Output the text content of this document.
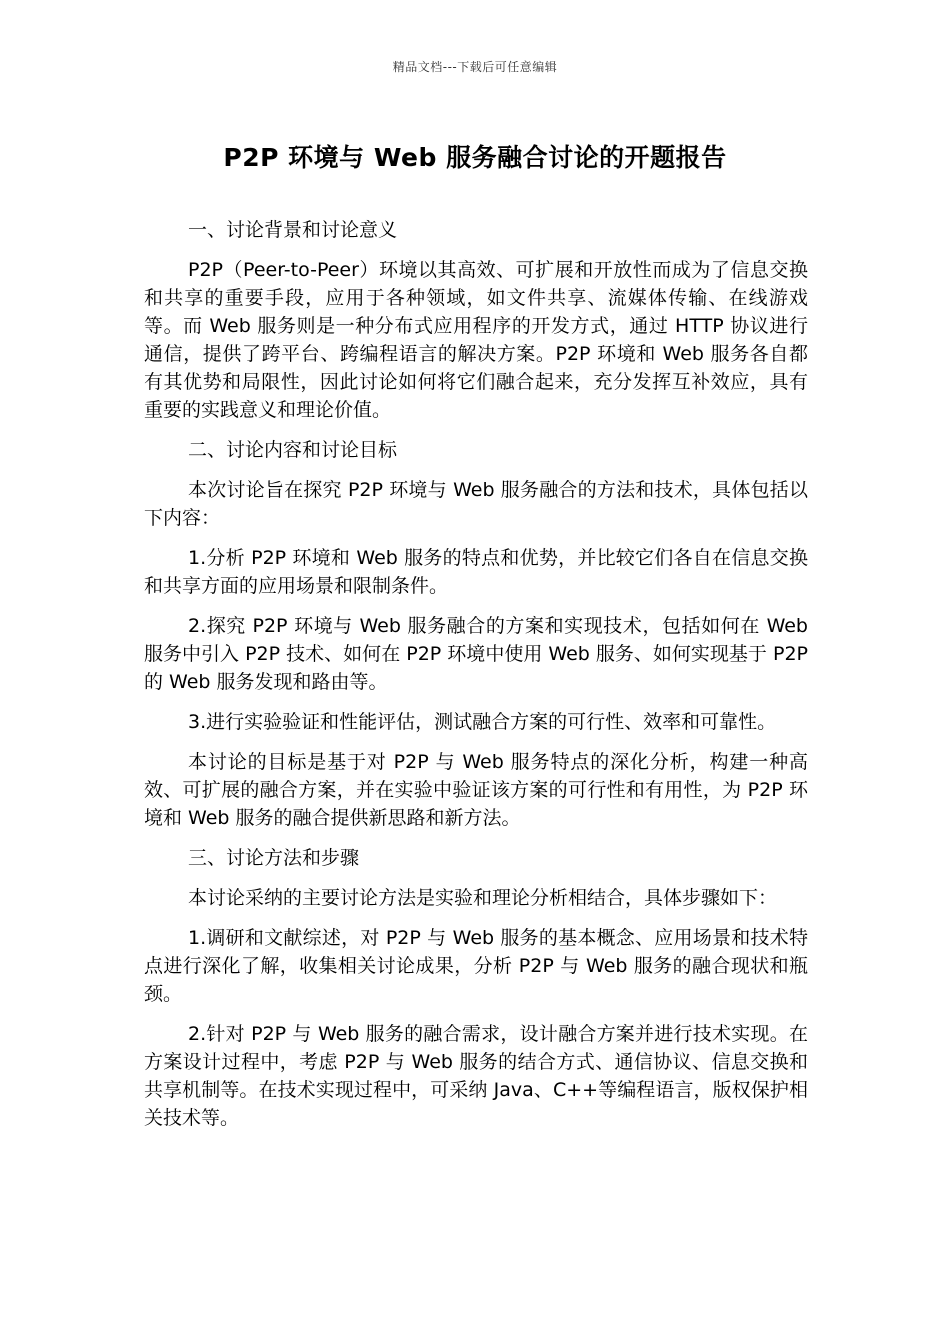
精品文档---下载后可任意编辑
P2P 环境与 Web 服务融合讨论的开题报告

一、讨论背景和讨论意义

P2P（Peer-to-Peer）环境以其高效、可扩展和开放性而成为了信息交换和共享的重要手段，应用于各种领域，如文件共享、流媒体传输、在线游戏等。而 Web 服务则是一种分布式应用程序的开发方式，通过 HTTP 协议进行通信，提供了跨平台、跨编程语言的解决方案。P2P 环境和 Web 服务各自都有其优势和局限性，因此讨论如何将它们融合起来，充分发挥互补效应，具有重要的实践意义和理论价值。

二、讨论内容和讨论目标

本次讨论旨在探究 P2P 环境与 Web 服务融合的方法和技术，具体包括以下内容：

1.分析 P2P 环境和 Web 服务的特点和优势，并比较它们各自在信息交换和共享方面的应用场景和限制条件。

2.探究 P2P 环境与 Web 服务融合的方案和实现技术，包括如何在 Web 服务中引入 P2P 技术、如何在 P2P 环境中使用 Web 服务、如何实现基于 P2P 的 Web 服务发现和路由等。

3.进行实验验证和性能评估，测试融合方案的可行性、效率和可靠性。

本讨论的目标是基于对 P2P 与 Web 服务特点的深化分析，构建一种高效、可扩展的融合方案，并在实验中验证该方案的可行性和有用性，为 P2P 环境和 Web 服务的融合提供新思路和新方法。

三、讨论方法和步骤

本讨论采纳的主要讨论方法是实验和理论分析相结合，具体步骤如下：

1.调研和文献综述，对 P2P 与 Web 服务的基本概念、应用场景和技术特点进行深化了解，收集相关讨论成果，分析 P2P 与 Web 服务的融合现状和瓶颈。

2.针对 P2P 与 Web 服务的融合需求，设计融合方案并进行技术实现。在方案设计过程中，考虑 P2P 与 Web 服务的结合方式、通信协议、信息交换和共享机制等。在技术实现过程中，可采纳 Java、C++等编程语言，版权保护相关技术等。
